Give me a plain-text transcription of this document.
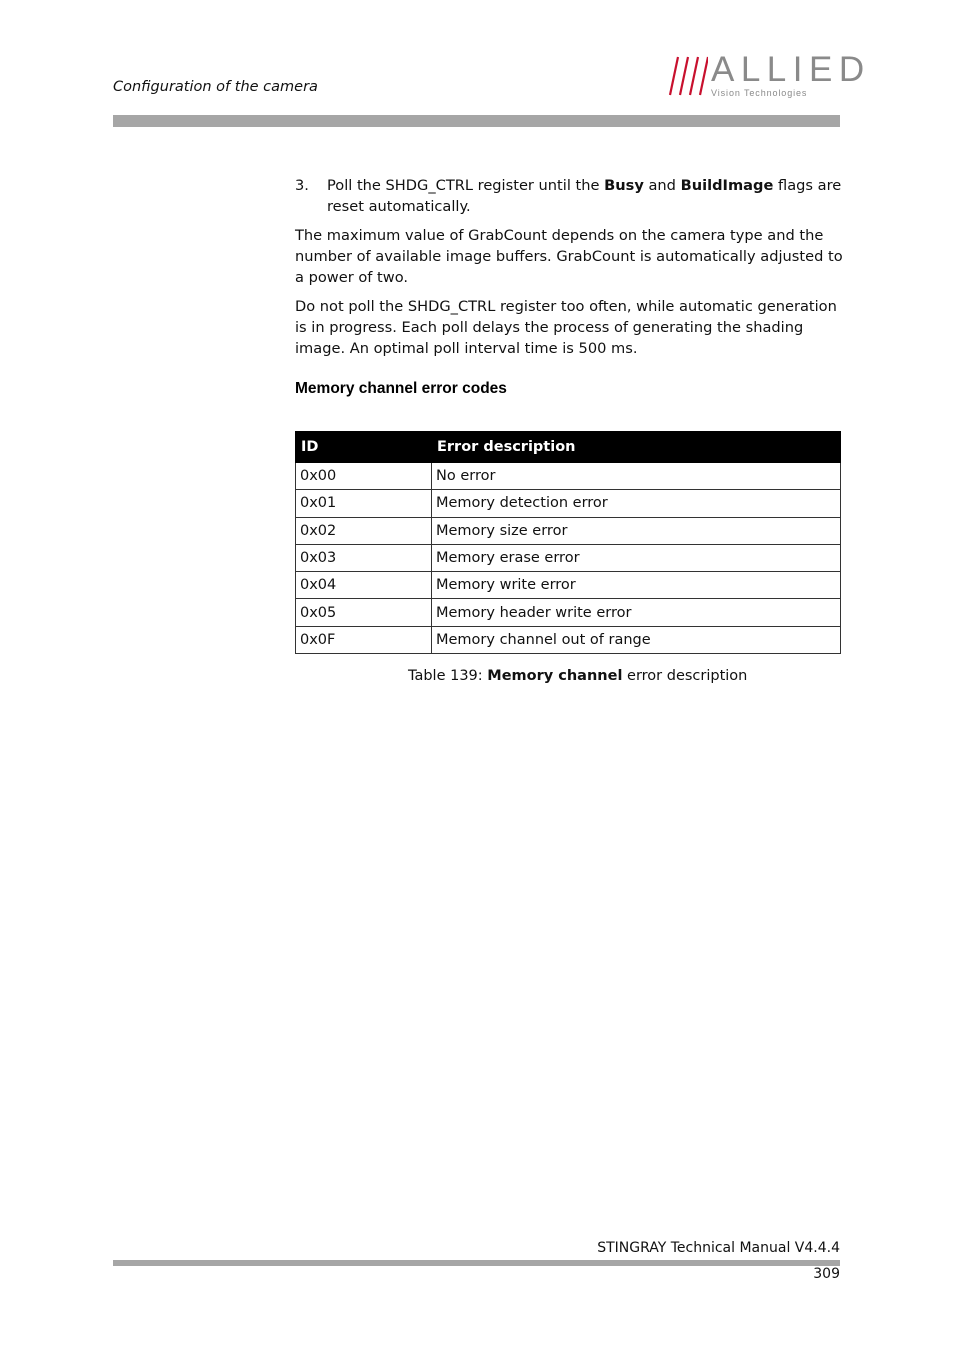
Configuration of the camera	ALLIED
Vision Technologies
3.	Poll the SHDG_CTRL register until the Busy and BuildImage flags are reset automatically.

The maximum value of GrabCount depends on the camera type and the number of available image buffers. GrabCount is automatically adjusted to a power of two.

Do not poll the SHDG_CTRL register too often, while automatic generation is in progress. Each poll delays the process of generating the shading image. An optimal poll interval time is 500 ms.

Memory channel error codes
ID	Error description
0x00	No error
0x01	Memory detection error
0x02	Memory size error
0x03	Memory erase error
0x04	Memory write error
0x05	Memory header write error
0x0F	Memory channel out of range
Table 139: Memory channel error description
STINGRAY Technical Manual V4.4.4
309
